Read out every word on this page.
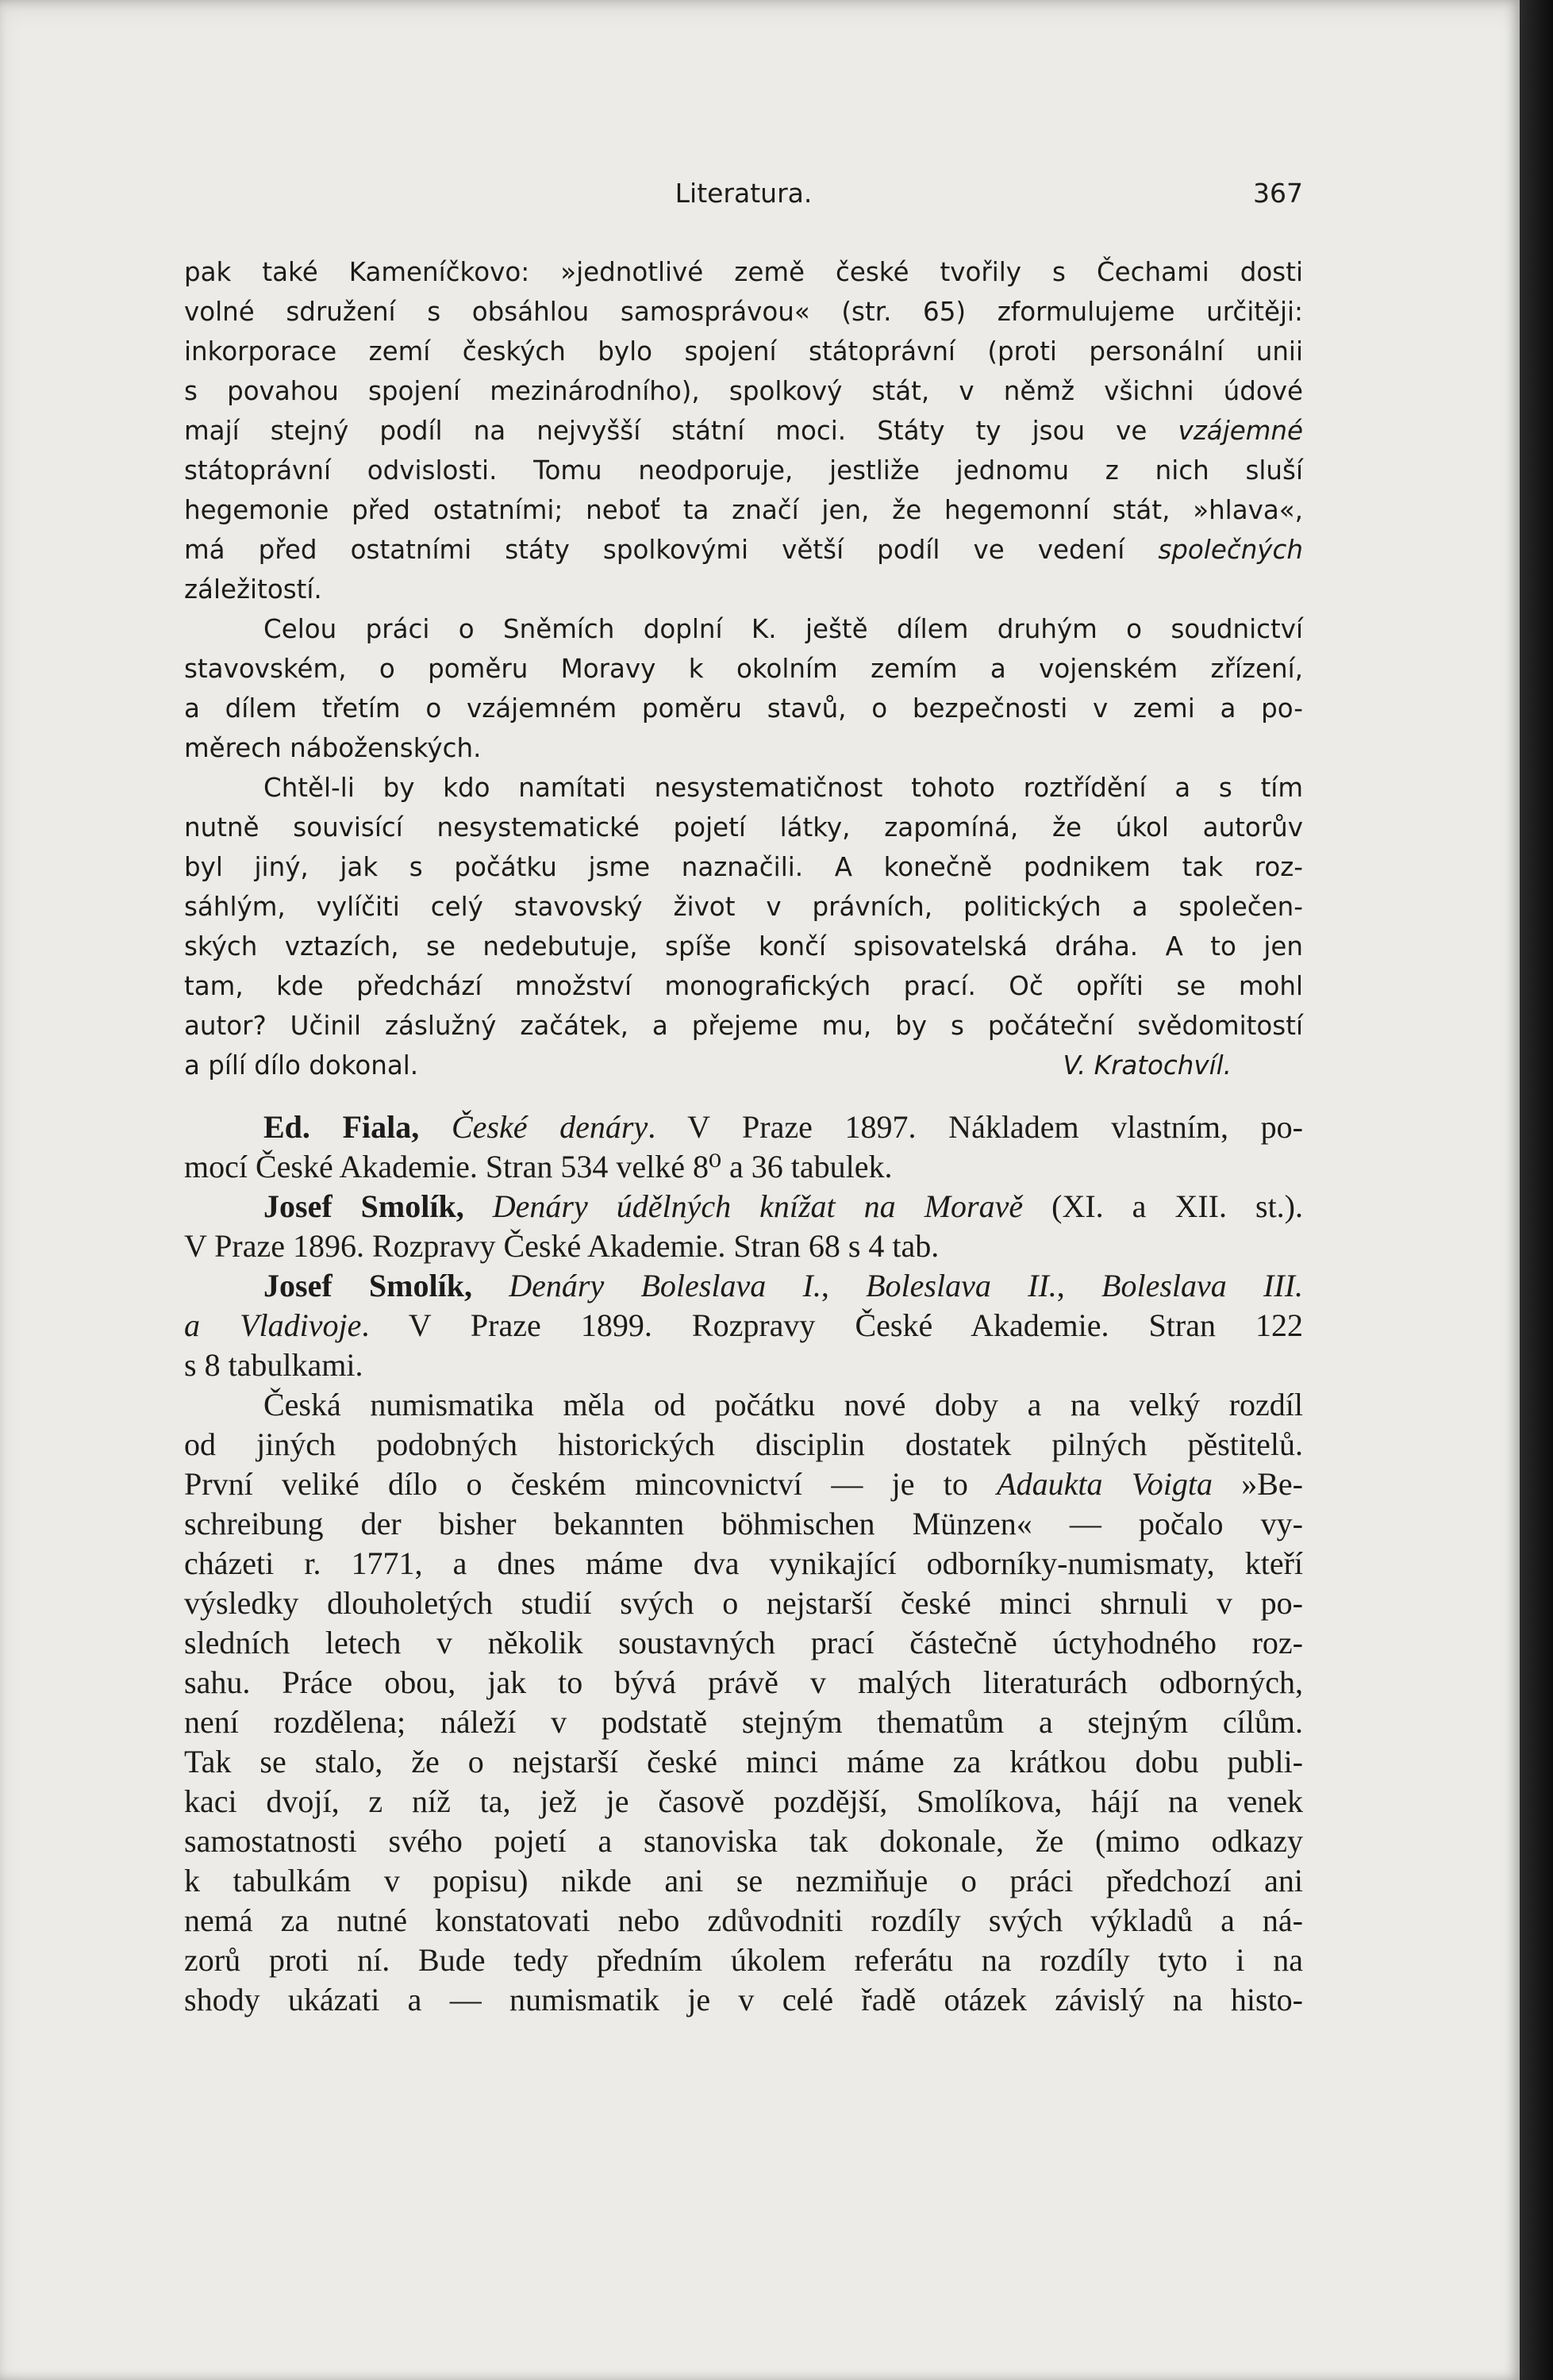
Literatura.	367
pak také Kameníčkovo: »jednotlivé země české tvořily s Čechami dosti
volné sdružení s obsáhlou samosprávou« (str. 65) zformulujeme určitěji:
inkorporace zemí českých bylo spojení státoprávní (proti personální unii
s povahou spojení mezinárodního), spolkový stát, v němž všichni údové
mají stejný podíl na nejvyšší státní moci. Státy ty jsou ve vzájemné
státoprávní odvislosti. Tomu neodporuje, jestliže jednomu z nich sluší
hegemonie před ostatními; neboť ta značí jen, že hegemonní stát, »hlava«,
má před ostatními státy spolkovými větší podíl ve vedení společných
záležitostí.
Celou práci o Sněmích doplní K. ještě dílem druhým o soudnictví
stavovském, o poměru Moravy k okolním zemím a vojenském zřízení,
a dílem třetím o vzájemném poměru stavů, o bezpečnosti v zemi a po-
měrech náboženských.
Chtěl-li by kdo namítati nesystematičnost tohoto roztřídění a s tím
nutně souvisící nesystematické pojetí látky, zapomíná, že úkol autorův
byl jiný, jak s počátku jsme naznačili. A konečně podnikem tak roz-
sáhlým, vylíčiti celý stavovský život v právních, politických a společen-
ských vztazích, se nedebutuje, spíše končí spisovatelská dráha. A to jen
tam, kde předchází množství monografických prací. Oč opříti se mohl
autor? Učinil záslužný začátek, a přejeme mu, by s počáteční svědomitostí
a pílí dílo dokonal.	V. Kratochvíl.
Ed. Fiala, České denáry. V Praze 1897. Nákladem vlastním, po-
mocí České Akademie. Stran 534 velké 8⁰ a 36 tabulek.
Josef Smolík, Denáry údělných knížat na Moravě (XI. a XII. st.).
V Praze 1896. Rozpravy České Akademie. Stran 68 s 4 tab.
Josef Smolík, Denáry Boleslava I., Boleslava II., Boleslava III.
a Vladivoje. V Praze 1899. Rozpravy České Akademie. Stran 122
s 8 tabulkami.
Česká numismatika měla od počátku nové doby a na velký rozdíl
od jiných podobných historických disciplin dostatek pilných pěstitelů.
První veliké dílo o českém mincovnictví — je to Adaukta Voigta »Be-
schreibung der bisher bekannten böhmischen Münzen« — počalo vy-
cházeti r. 1771, a dnes máme dva vynikající odborníky-numismaty, kteří
výsledky dlouholetých studií svých o nejstarší české minci shrnuli v po-
sledních letech v několik soustavných prací částečně úctyhodného roz-
sahu. Práce obou, jak to bývá právě v malých literaturách odborných,
není rozdělena; náleží v podstatě stejným thematům a stejným cílům.
Tak se stalo, že o nejstarší české minci máme za krátkou dobu publi-
kaci dvojí, z níž ta, jež je časově pozdější, Smolíkova, hájí na venek
samostatnosti svého pojetí a stanoviska tak dokonale, že (mimo odkazy
k tabulkám v popisu) nikde ani se nezmiňuje o práci předchozí ani
nemá za nutné konstatovati nebo zdůvodniti rozdíly svých výkladů a ná-
zorů proti ní. Bude tedy předním úkolem referátu na rozdíly tyto i na
shody ukázati a — numismatik je v celé řadě otázek závislý na histo-
